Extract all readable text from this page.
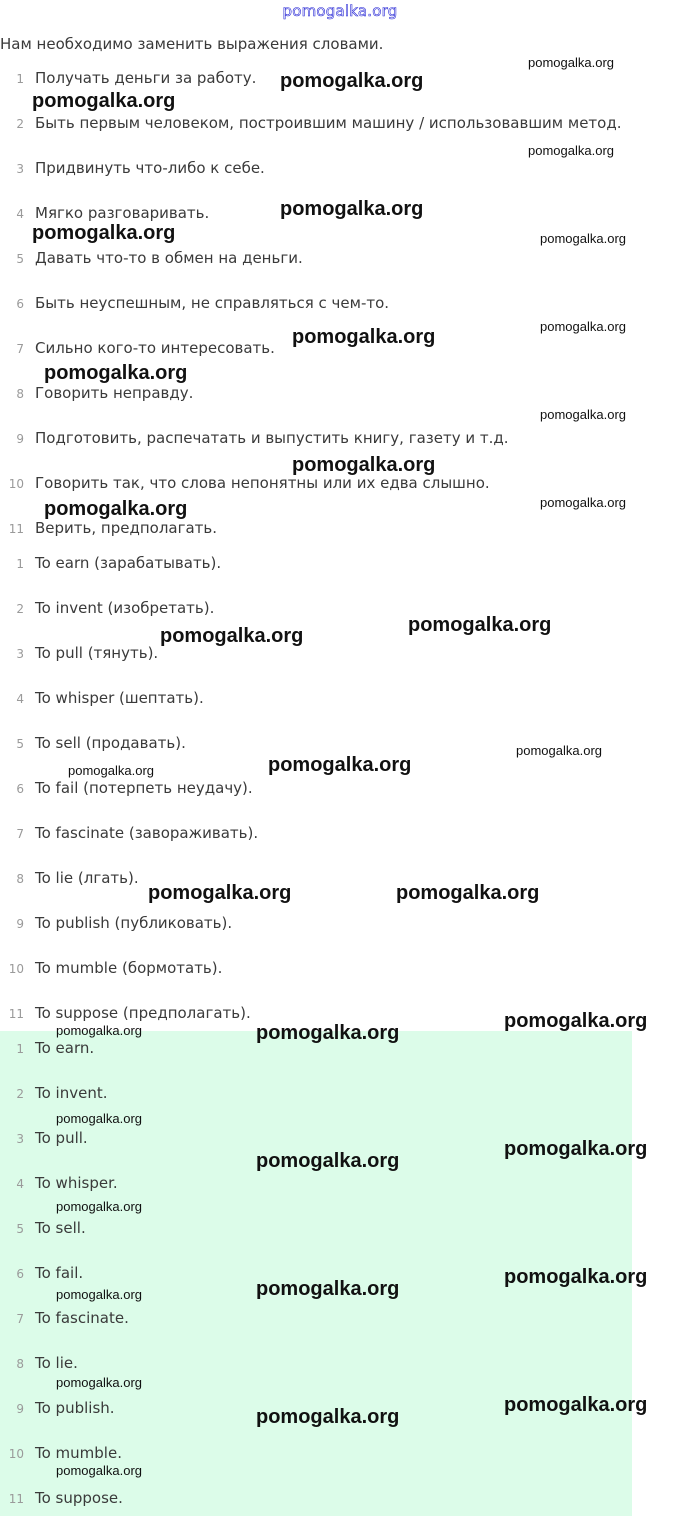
pomogalka.org
Нам необходимо заменить выражения словами.
1 Получать деньги за работу.
2 Быть первым человеком, построившим машину / использовавшим метод.
3 Придвинуть что-либо к себе.
4 Мягко разговаривать.
5 Давать что-то в обмен на деньги.
6 Быть неуспешным, не справляться с чем-то.
7 Сильно кого-то интересовать.
8 Говорить неправду.
9 Подготовить, распечатать и выпустить книгу, газету и т.д.
10 Говорить так, что слова непонятны или их едва слышно.
11 Верить, предполагать.
1 To earn (зарабатывать).
2 To invent (изобретать).
3 To pull (тянуть).
4 To whisper (шептать).
5 To sell (продавать).
6 To fail (потерпеть неудачу).
7 To fascinate (завораживать).
8 To lie (лгать).
9 To publish (публиковать).
10 To mumble (бормотать).
11 To suppose (предполагать).
1 To earn.
2 To invent.
3 To pull.
4 To whisper.
5 To sell.
6 To fail.
7 To fascinate.
8 To lie.
9 To publish.
10 To mumble.
11 To suppose.
pomogalka.org
pomogalka.org
pomogalka.org
pomogalka.org
pomogalka.org
pomogalka.org	pomogalka.org
pomogalka.org
pomogalka.org
pomogalka.org
pomogalka.org
pomogalka.org
pomogalka.org
pomogalka.org
pomogalka.org
pomogalka.org
pomogalka.org
pomogalka.org
pomogalka.org
pomogalka.org	pomogalka.org
pomogalka.org	pomogalka.org
pomogalka.org
pomogalka.org
pomogalka.org
pomogalka.org
pomogalka.org
pomogalka.org
pomogalka.org
pomogalka.org
pomogalka.org
pomogalka.org
pomogalka.org
pomogalka.org
